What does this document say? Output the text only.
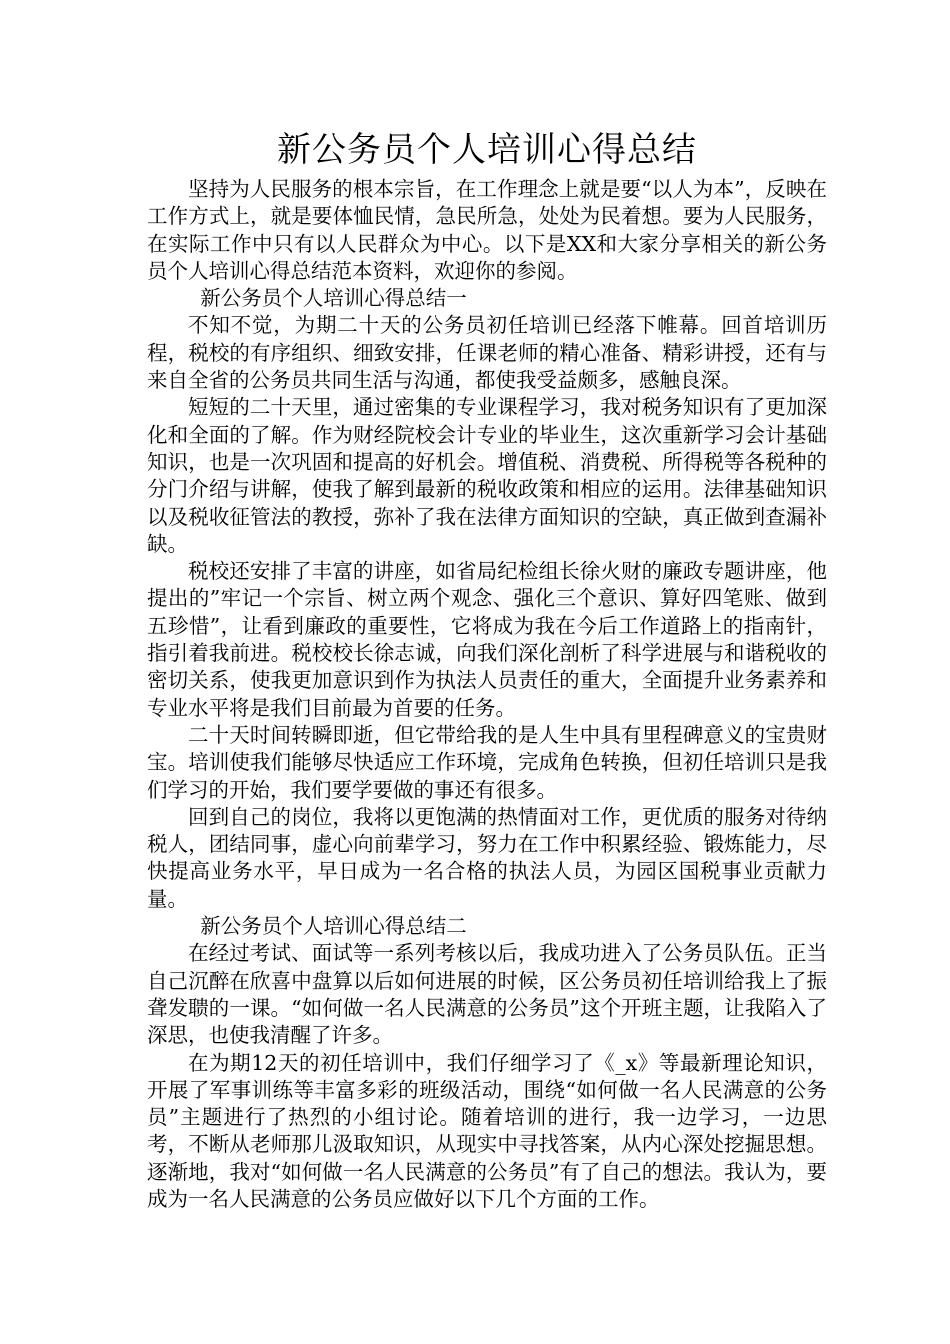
新公务员个人培训心得总结

坚持为人民服务的根本宗旨，在工作理念上就是要“以人为本”，反映在工作方式上，就是要体恤民情，急民所急，处处为民着想。要为人民服务，在实际工作中只有以人民群众为中心。以下是XX和大家分享相关的新公务员个人培训心得总结范本资料，欢迎你的参阅。

新公务员个人培训心得总结一

不知不觉，为期二十天的公务员初任培训已经落下帷幕。回首培训历程，税校的有序组织、细致安排，任课老师的精心准备、精彩讲授，还有与来自全省的公务员共同生活与沟通，都使我受益颇多，感触良深。

短短的二十天里，通过密集的专业课程学习，我对税务知识有了更加深化和全面的了解。作为财经院校会计专业的毕业生，这次重新学习会计基础知识，也是一次巩固和提高的好机会。增值税、消费税、所得税等各税种的分门介绍与讲解，使我了解到最新的税收政策和相应的运用。法律基础知识以及税收征管法的教授，弥补了我在法律方面知识的空缺，真正做到查漏补缺。

税校还安排了丰富的讲座，如省局纪检组长徐火财的廉政专题讲座，他提出的”牢记一个宗旨、树立两个观念、强化三个意识、算好四笔账、做到五珍惜”，让看到廉政的重要性，它将成为我在今后工作道路上的指南针，指引着我前进。税校校长徐志诚，向我们深化剖析了科学进展与和谐税收的密切关系，使我更加意识到作为执法人员责任的重大，全面提升业务素养和专业水平将是我们目前最为首要的任务。

二十天时间转瞬即逝，但它带给我的是人生中具有里程碑意义的宝贵财宝。培训使我们能够尽快适应工作环境，完成角色转换，但初任培训只是我们学习的开始，我们要学要做的事还有很多。

回到自己的岗位，我将以更饱满的热情面对工作，更优质的服务对待纳税人，团结同事，虚心向前辈学习，努力在工作中积累经验、锻炼能力，尽快提高业务水平，早日成为一名合格的执法人员，为园区国税事业贡献力量。

新公务员个人培训心得总结二

在经过考试、面试等一系列考核以后，我成功进入了公务员队伍。正当自己沉醉在欣喜中盘算以后如何进展的时候，区公务员初任培训给我上了振聋发聩的一课。“如何做一名人民满意的公务员”这个开班主题，让我陷入了深思，也使我清醒了许多。

在为期12天的初任培训中，我们仔细学习了《_x》等最新理论知识，开展了军事训练等丰富多彩的班级活动，围绕“如何做一名人民满意的公务员”主题进行了热烈的小组讨论。随着培训的进行，我一边学习，一边思考，不断从老师那儿汲取知识，从现实中寻找答案，从内心深处挖掘思想。逐渐地，我对“如何做一名人民满意的公务员”有了自己的想法。我认为，要成为一名人民满意的公务员应做好以下几个方面的工作。
